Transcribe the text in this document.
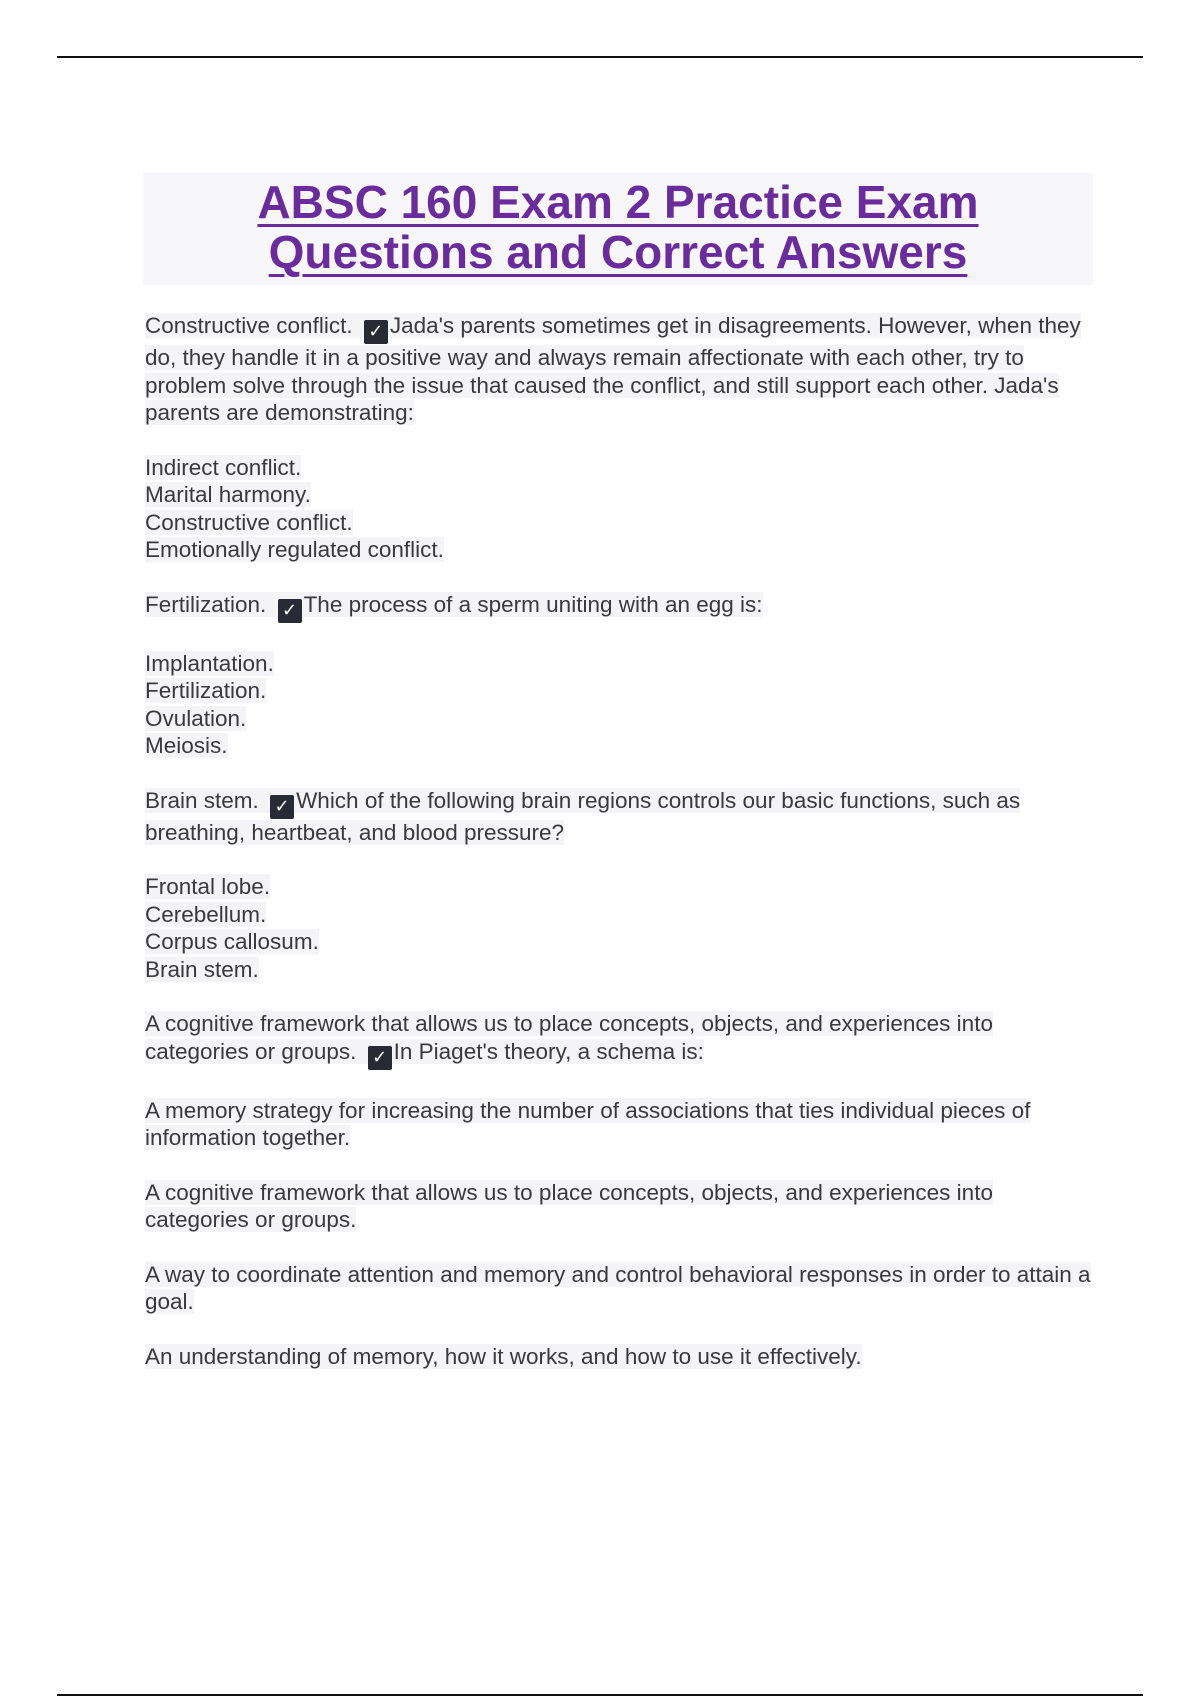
ABSC 160 Exam 2 Practice Exam
Questions and Correct Answers

Constructive conflict. ✓ Jada's parents sometimes get in disagreements. However, when they do, they handle it in a positive way and always remain affectionate with each other, try to problem solve through the issue that caused the conflict, and still support each other. Jada's parents are demonstrating:

Indirect conflict.
Marital harmony.
Constructive conflict.
Emotionally regulated conflict.

Fertilization. ✓ The process of a sperm uniting with an egg is:

Implantation.
Fertilization.
Ovulation.
Meiosis.

Brain stem. ✓ Which of the following brain regions controls our basic functions, such as breathing, heartbeat, and blood pressure?

Frontal lobe.
Cerebellum.
Corpus callosum.
Brain stem.

A cognitive framework that allows us to place concepts, objects, and experiences into categories or groups. ✓ In Piaget's theory, a schema is:

A memory strategy for increasing the number of associations that ties individual pieces of information together.

A cognitive framework that allows us to place concepts, objects, and experiences into categories or groups.

A way to coordinate attention and memory and control behavioral responses in order to attain a goal.

An understanding of memory, how it works, and how to use it effectively.
